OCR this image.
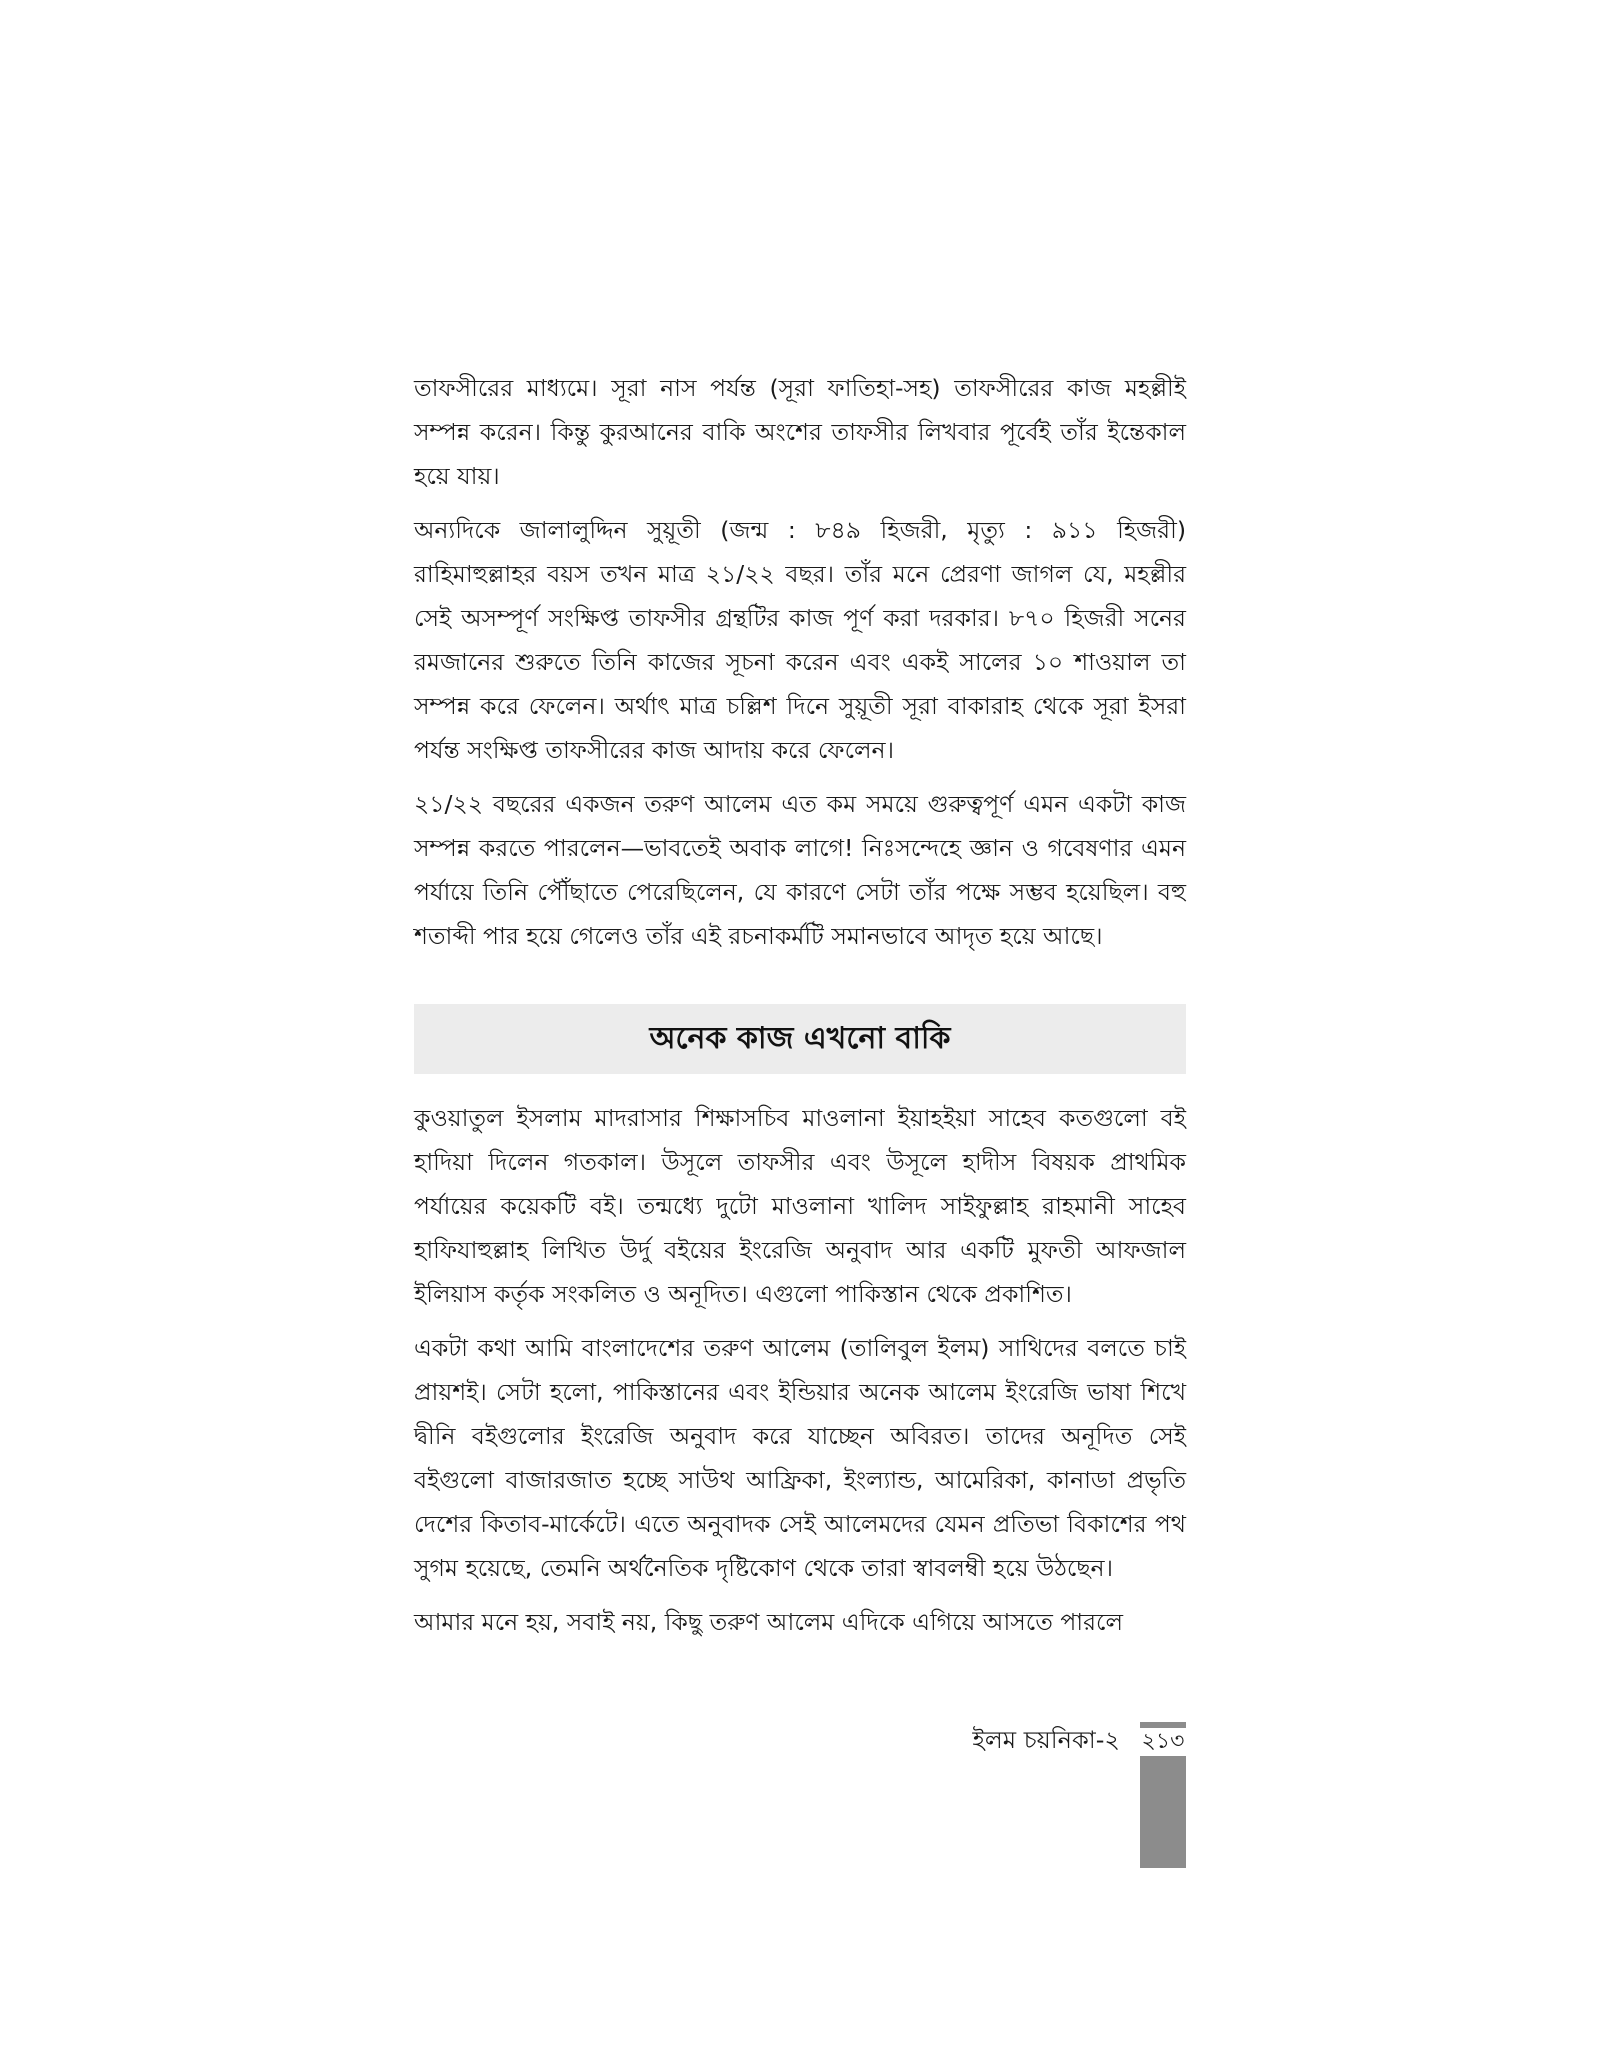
তাফসীরের মাধ্যমে। সূরা নাস পর্যন্ত (সূরা ফাতিহা-সহ) তাফসীরের কাজ মহল্লীই সম্পন্ন করেন। কিন্তু কুরআনের বাকি অংশের তাফসীর লিখবার পূর্বেই তাঁর ইন্তেকাল হয়ে যায়।

অন্যদিকে জালালুদ্দিন সুয়ূতী (জন্ম : ৮৪৯ হিজরী, মৃত্যু : ৯১১ হিজরী) রাহিমাহুল্লাহর বয়স তখন মাত্র ২১/২২ বছর। তাঁর মনে প্রেরণা জাগল যে, মহল্লীর সেই অসম্পূর্ণ সংক্ষিপ্ত তাফসীর গ্রন্থটির কাজ পূর্ণ করা দরকার। ৮৭০ হিজরী সনের রমজানের শুরুতে তিনি কাজের সূচনা করেন এবং একই সালের ১০ শাওয়াল তা সম্পন্ন করে ফেলেন। অর্থাৎ মাত্র চল্লিশ দিনে সুয়ূতী সূরা বাকারাহ থেকে সূরা ইসরা পর্যন্ত সংক্ষিপ্ত তাফসীরের কাজ আদায় করে ফেলেন।

২১/২২ বছরের একজন তরুণ আলেম এত কম সময়ে গুরুত্বপূর্ণ এমন একটা কাজ সম্পন্ন করতে পারলেন—ভাবতেই অবাক লাগে! নিঃসন্দেহে জ্ঞান ও গবেষণার এমন পর্যায়ে তিনি পৌঁছাতে পেরেছিলেন, যে কারণে সেটা তাঁর পক্ষে সম্ভব হয়েছিল। বহু শতাব্দী পার হয়ে গেলেও তাঁর এই রচনাকর্মটি সমানভাবে আদৃত হয়ে আছে।

অনেক কাজ এখনো বাকি

কুওয়াতুল ইসলাম মাদরাসার শিক্ষাসচিব মাওলানা ইয়াহইয়া সাহেব কতগুলো বই হাদিয়া দিলেন গতকাল। উসূলে তাফসীর এবং উসূলে হাদীস বিষয়ক প্রাথমিক পর্যায়ের কয়েকটি বই। তন্মধ্যে দুটো মাওলানা খালিদ সাইফুল্লাহ রাহমানী সাহেব হাফিযাহুল্লাহ লিখিত উর্দু বইয়ের ইংরেজি অনুবাদ আর একটি মুফতী আফজাল ইলিয়াস কর্তৃক সংকলিত ও অনূদিত। এগুলো পাকিস্তান থেকে প্রকাশিত।

একটা কথা আমি বাংলাদেশের তরুণ আলেম (তালিবুল ইলম) সাথিদের বলতে চাই প্রায়শই। সেটা হলো, পাকিস্তানের এবং ইন্ডিয়ার অনেক আলেম ইংরেজি ভাষা শিখে দ্বীনি বইগুলোর ইংরেজি অনুবাদ করে যাচ্ছেন অবিরত। তাদের অনূদিত সেই বইগুলো বাজারজাত হচ্ছে সাউথ আফ্রিকা, ইংল্যান্ড, আমেরিকা, কানাডা প্রভৃতি দেশের কিতাব-মার্কেটে। এতে অনুবাদক সেই আলেমদের যেমন প্রতিভা বিকাশের পথ সুগম হয়েছে, তেমনি অর্থনৈতিক দৃষ্টিকোণ থেকে তারা স্বাবলম্বী হয়ে উঠছেন।

আমার মনে হয়, সবাই নয়, কিছু তরুণ আলেম এদিকে এগিয়ে আসতে পারলে

ইলম চয়নিকা-২ ২১৩
